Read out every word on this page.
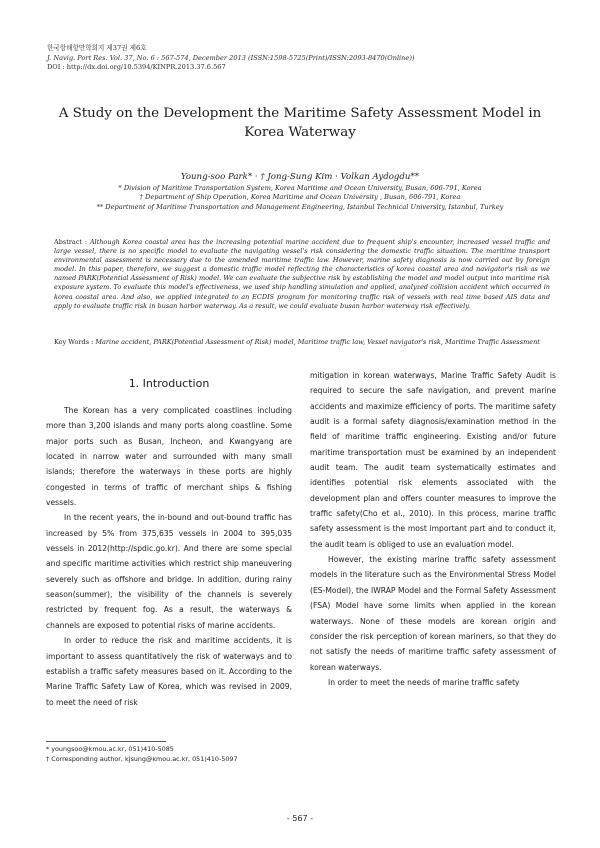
한국항해항만학회지 제37권 제6호
J. Navig. Port Res. Vol. 37, No. 6 : 567-574, December 2013 (ISSN:1598-5725(Print)/ISSN:2093-8470(Online))
DOI : http://dx.doi.org/10.5394/KINPR.2013.37.6.567
A Study on the Development the Maritime Safety Assessment Model in Korea Waterway
Young-soo Park* · † Jong-Sung Kim · Volkan Aydogdu**
* Division of Maritime Transportation System, Korea Maritime and Ocean University, Busan, 606-791, Korea
† Department of Ship Operation, Korea Maritime and Ocean University , Busan, 606-791, Korea
** Department of Maritime Transportation and Management Engineering, Istanbul Technical University, Istanbul, Turkey
Abstract : Although Korea coastal area has the increasing potential marine accident due to frequent ship's encounter, increased vessel traffic and large vessel, there is no specific model to evaluate the navigating vessel's risk considering the domestic traffic situation. The maritime transport environmental assessment is necessary due to the amended maritime traffic law. However, marine safety diagnosis is now carried out by foreign model. In this paper, therefore, we suggest a domestic traffic model reflecting the characteristics of korea coastal area and navigator's risk as we named PARK(Potential Assessment of Risk) model. We can evaluate the subjective risk by establishing the model and model output into maritime risk exposure system. To evaluate this model's effectiveness, we used ship handling simulation and applied, analyzed collision accident which occurred in korea coastal area. And also, we applied integrated to an ECDIS program for monitoring traffic risk of vessels with real time based AIS data and apply to evaluate traffic risk in busan harbor waterway. As a result, we could evaluate busan harbor waterway risk effectively.
Key Words : Marine accident, PARK(Potential Assessment of Risk) model, Maritime traffic law, Vessel navigator's risk, Maritime Traffic Assessment
1. Introduction

The Korean has a very complicated coastlines including more than 3,200 islands and many ports along coastline. Some major ports such as Busan, Incheon, and Kwangyang are located in narrow water and surrounded with many small islands; therefore the waterways in these ports are highly congested in terms of traffic of merchant ships & fishing vessels.

In the recent years, the in-bound and out-bound traffic has increased by 5% from 375,635 vessels in 2004 to 395,035 vessels in 2012(http://spdic.go.kr). And there are some special and specific maritime activities which restrict ship maneuvering severely such as offshore and bridge. In addition, during rainy season(summer), the visibility of the channels is severely restricted by frequent fog. As a result, the waterways & channels are exposed to potential risks of marine accidents.

In order to reduce the risk and maritime accidents, it is important to assess quantitatively the risk of waterways and to establish a traffic safety measures based on it. According to the Marine Traffic Safety Law of Korea, which was revised in 2009, to meet the need of risk

mitigation in korean waterways, Marine Traffic Safety Audit is required to secure the safe navigation, and prevent marine accidents and maximize efficiency of ports. The maritime safety audit is a formal safety diagnosis/examination method in the field of maritime traffic engineering. Existing and/or future maritime transportation must be examined by an independent audit team. The audit team systematically estimates and identifies potential risk elements associated with the development plan and offers counter measures to improve the traffic safety(Cho et al., 2010). In this process, marine traffic safety assessment is the most important part and to conduct it, the audit team is obliged to use an evaluation model.

However, the existing marine traffic safety assessment models in the literature such as the Environmental Stress Model (ES-Model), the IWRAP Model and the Formal Safety Assessment (FSA) Model have some limits when applied in the korean waterways. None of these models are korean origin and consider the risk perception of korean mariners, so that they do not satisfy the needs of maritime traffic safety assessment of korean waterways.

In order to meet the needs of marine traffic safety

* youngsoo@kmou.ac.kr, 051)410-5085
† Corresponding author, kjsung@kmou.ac.kr, 051)410-5097
- 567 -
